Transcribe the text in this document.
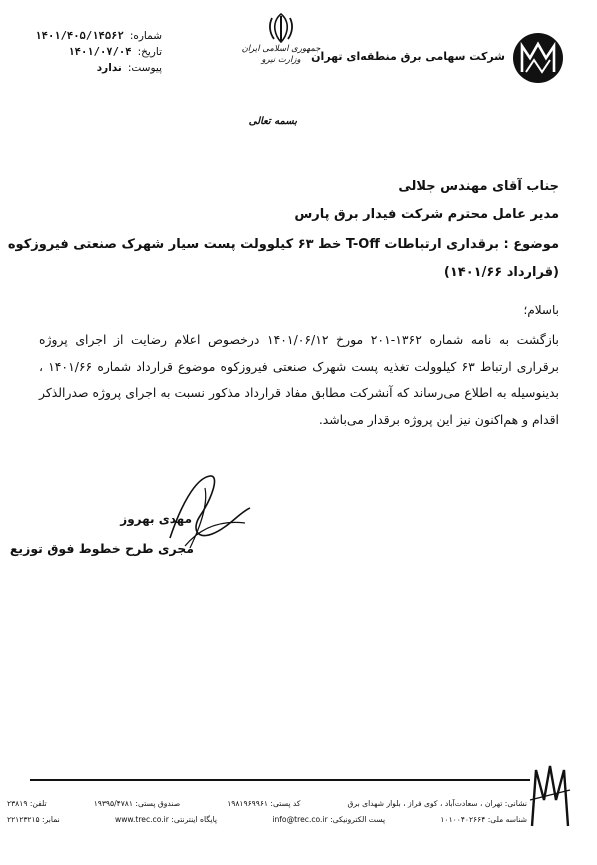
شماره:
۱۴۰۱/۴۰۵/۱۴۵۶۲
تاریخ:
۱۴۰۱/۰۷/۰۴
پیوست:
ندارد
جمهوری اسلامی ایران
وزارت نیرو شرکت سهامی برق منطقه‌ای تهران
بسمه تعالی
جناب آقای مهندس جلالی
مدیر عامل محترم شرکت فیدار برق پارس
موضوع : برقداری ارتباطات T-Off خط ۶۳ کیلوولت پست سیار شهرک صنعتی فیروزکوه
(قرارداد ۱۴۰۱/۶۶)
باسلام؛
بازگشت به نامه شماره ۱۳۶۲-۲۰۱ مورخ ۱۴۰۱/۰۶/۱۲ درخصوص اعلام رضایت از اجرای پروژه برقراری ارتباط ۶۳ کیلوولت تغذیه پست شهرک صنعتی فیروزکوه موضوع قرارداد شماره ۱۴۰۱/۶۶ ، بدینوسیله به اطلاع می‌رساند که آنشرکت مطابق مفاد قرارداد مذکور نسبت به اجرای پروژه صدرالذکر اقدام و هم‌اکنون نیز این پروژه برقدار می‌باشد.
مهدی بهروز
مجری طرح خطوط فوق توزیع
نشانی: تهران ، سعادت‌آباد ، کوی فراز ، بلوار شهدای برق
کد پستی: ۱۹۸۱۹۶۹۹۶۱
صندوق پستی: ۱۹۳۹۵/۴۷۸۱
تلفن: ۲۳۸۱۹
شناسه ملی: ۱۰۱۰۰۴۰۲۶۶۴
پست الکترونیکی: info@trec.co.ir
پایگاه اینترنتی: www.trec.co.ir
نمابر: ۲۲۱۲۳۲۱۵
